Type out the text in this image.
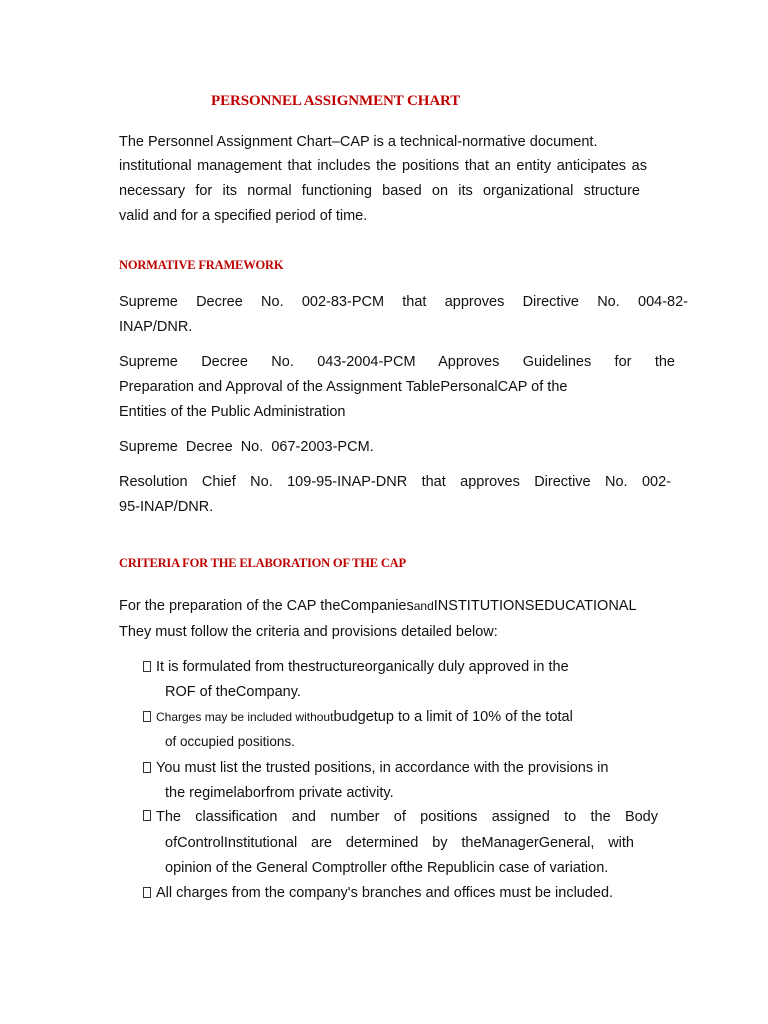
PERSONNEL ASSIGNMENT CHART
The Personnel Assignment Chart–CAP is a technical-normative document.
institutional management that includes the positions that an entity anticipates as
necessary for its normal functioning based on its organizational structure
valid and for a specified period of time.
NORMATIVE FRAMEWORK
Supreme Decree No. 002-83-PCM that approves Directive No. 004-82-
INAP/DNR.
Supreme Decree No. 043-2004-PCM Approves Guidelines for the
Preparation and Approval of the Assignment TablePersonalCAP of the
Entities of the Public Administration
Supreme  Decree  No.  067-2003-PCM.
Resolution Chief No. 109-95-INAP-DNR that approves Directive No. 002-
95-INAP/DNR.
CRITERIA FOR THE ELABORATION OF THE CAP
For the preparation of the CAP theCompaniesandINSTITUTIONSEDUCATIONAL
They must follow the criteria and provisions detailed below:
It is formulated from thestructureorganically duly approved in the
ROF of theCompany.
Charges may be included withoutbudgetup to a limit of 10% of the total
of occupied positions.
You must list the trusted positions, in accordance with the provisions in
the regimelaborfrom private activity.
The classification and number of positions assigned to the Body
ofControlInstitutional are determined by theManagerGeneral, with
opinion of the General Comptroller ofthe Republicin case of variation.
All charges from the company's branches and offices must be included.
